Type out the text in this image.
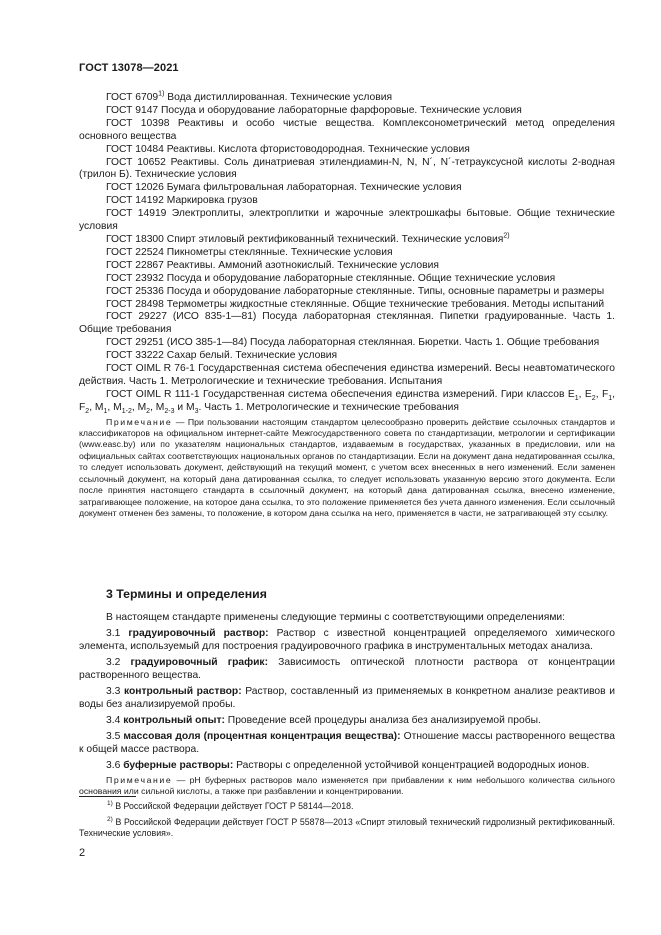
ГОСТ 13078—2021

ГОСТ 6709$^{1)}$ Вода дистиллированная. Технические условия

ГОСТ 9147 Посуда и оборудование лабораторные фарфоровые. Технические условия

ГОСТ 10398 Реактивы и особо чистые вещества. Комплексонометрический метод определения основного вещества

ГОСТ 10484 Реактивы. Кислота фтористоводородная. Технические условия

ГОСТ 10652 Реактивы. Соль динатриевая этилендиамин-N, N, N´, N´-тетрауксусной кислоты 2-водная (трилон Б). Технические условия

ГОСТ 12026 Бумага фильтровальная лабораторная. Технические условия

ГОСТ 14192 Маркировка грузов

ГОСТ 14919 Электроплиты, электроплитки и жарочные электрошкафы бытовые. Общие технические условия

ГОСТ 18300 Спирт этиловый ректификованный технический. Технические условия$^{2)}$

ГОСТ 22524 Пикнометры стеклянные. Технические условия

ГОСТ 22867 Реактивы. Аммоний азотнокислый. Технические условия

ГОСТ 23932 Посуда и оборудование лабораторные стеклянные. Общие технические условия

ГОСТ 25336 Посуда и оборудование лабораторные стеклянные. Типы, основные параметры и размеры

ГОСТ 28498 Термометры жидкостные стеклянные. Общие технические требования. Методы испытаний

ГОСТ 29227 (ИСО 835-1—81) Посуда лабораторная стеклянная. Пипетки градуированные. Часть 1. Общие требования

ГОСТ 29251 (ИСО 385-1—84) Посуда лабораторная стеклянная. Бюретки. Часть 1. Общие требования

ГОСТ 33222 Сахар белый. Технические условия

ГОСТ OIML R 76-1 Государственная система обеспечения единства измерений. Весы неавтоматического действия. Часть 1. Метрологические и технические требования. Испытания

ГОСТ OIML R 111-1 Государственная система обеспечения единства измерений. Гири классов $E_1$, $E_2$, $F_1$, $F_2$, $M_1$, $M_{1-2}$, $M_2$, $M_{2-3}$ и $M_3$. Часть 1. Метрологические и технические требования

Примечание — При пользовании настоящим стандартом целесообразно проверить действие ссылочных стандартов и классификаторов на официальном интернет-сайте Межгосударственного совета по стандартизации, метрологии и сертификации (www.easc.by) или по указателям национальных стандартов, издаваемым в государствах, указанных в предисловии, или на официальных сайтах соответствующих национальных органов по стандартизации. Если на документ дана недатированная ссылка, то следует использовать документ, действующий на текущий момент, с учетом всех внесенных в него изменений. Если заменен ссылочный документ, на который дана датированная ссылка, то следует использовать указанную версию этого документа. Если после принятия настоящего стандарта в ссылочный документ, на который дана датированная ссылка, внесено изменение, затрагивающее положение, на которое дана ссылка, то это положение применяется без учета данного изменения. Если ссылочный документ отменен без замены, то положение, в котором дана ссылка на него, применяется в части, не затрагивающей эту ссылку.

3 Термины и определения

В настоящем стандарте применены следующие термины с соответствующими определениями:

3.1 градуировочный раствор: Раствор с известной концентрацией определяемого химического элемента, используемый для построения градуировочного графика в инструментальных методах анализа.

3.2 градуировочный график: Зависимость оптической плотности раствора от концентрации растворенного вещества.

3.3 контрольный раствор: Раствор, составленный из применяемых в конкретном анализе реактивов и воды без анализируемой пробы.

3.4 контрольный опыт: Проведение всей процедуры анализа без анализируемой пробы.

3.5 массовая доля (процентная концентрация вещества): Отношение массы растворенного вещества к общей массе раствора.

3.6 буферные растворы: Растворы с определенной устойчивой концентрацией водородных ионов.

Примечание — pH буферных растворов мало изменяется при прибавлении к ним небольшого количества сильного основания или сильной кислоты, а также при разбавлении и концентрировании.

$^{1)}$ В Российской Федерации действует ГОСТ Р 58144—2018.

$^{2)}$ В Российской Федерации действует ГОСТ Р 55878—2013 «Спирт этиловый технический гидролизный ректификованный. Технические условия».

2
